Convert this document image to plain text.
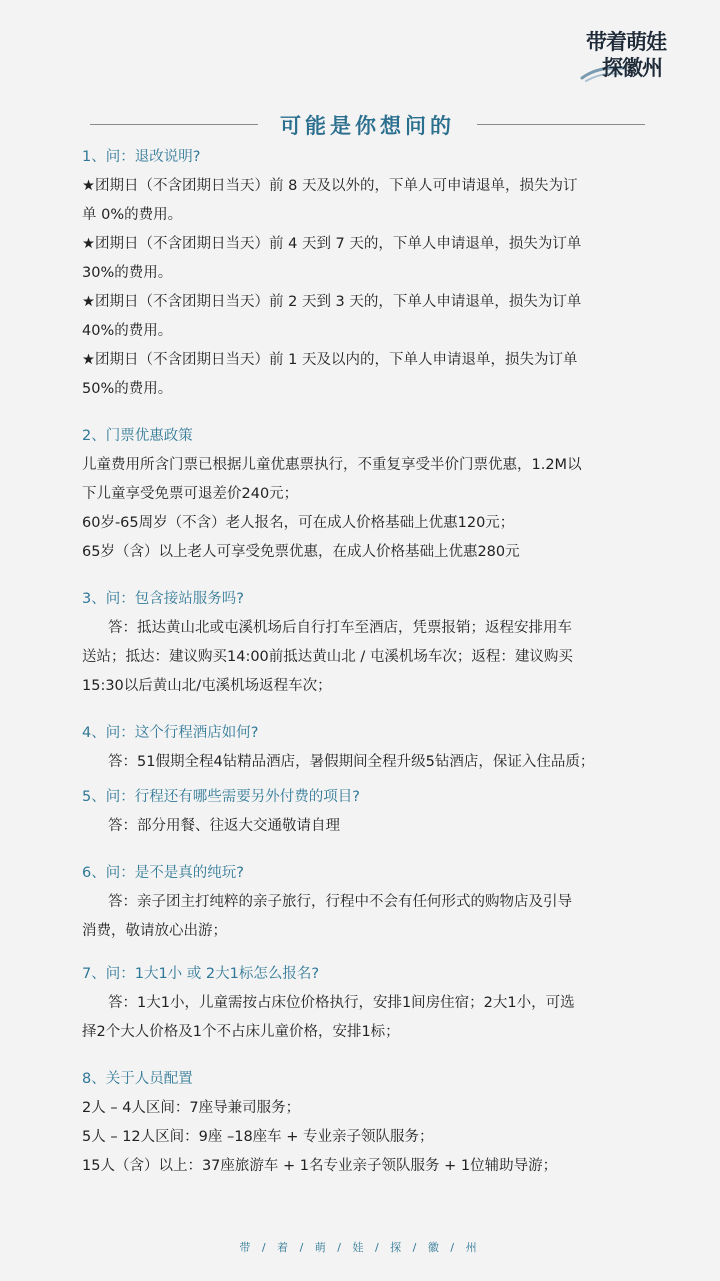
带着萌娃
探徽州
可能是你想问的

1、问：退改说明?

★团期日（不含团期日当天）前 8 天及以外的，下单人可申请退单，损失为订

单 0%的费用。

★团期日（不含团期日当天）前 4 天到 7 天的，下单人申请退单，损失为订单

30%的费用。

★团期日（不含团期日当天）前 2 天到 3 天的，下单人申请退单，损失为订单

40%的费用。

★团期日（不含团期日当天）前 1 天及以内的，下单人申请退单，损失为订单

50%的费用。

2、门票优惠政策

儿童费用所含门票已根据儿童优惠票执行，不重复享受半价门票优惠，1.2M以

下儿童享受免票可退差价240元；

60岁-65周岁（不含）老人报名，可在成人价格基础上优惠120元；

65岁（含）以上老人可享受免票优惠，在成人价格基础上优惠280元

3、问：包含接站服务吗?

答：抵达黄山北或屯溪机场后自行打车至酒店，凭票报销；返程安排用车

送站；抵达：建议购买14:00前抵达黄山北 / 屯溪机场车次；返程：建议购买

15:30以后黄山北/屯溪机场返程车次；

4、问：这个行程酒店如何?

答：51假期全程4钻精品酒店，暑假期间全程升级5钻酒店，保证入住品质；

5、问：行程还有哪些需要另外付费的项目?

答：部分用餐、往返大交通敬请自理

6、问：是不是真的纯玩?

答：亲子团主打纯粹的亲子旅行，行程中不会有任何形式的购物店及引导

消费，敬请放心出游；

7、问：1大1小 或 2大1标怎么报名?

答：1大1小，儿童需按占床位价格执行，安排1间房住宿；2大1小，可选

择2个大人价格及1个不占床儿童价格，安排1标；

8、关于人员配置

2人 – 4人区间：7座导兼司服务；

5人 – 12人区间：9座 –18座车 + 专业亲子领队服务；

15人（含）以上：37座旅游车 + 1名专业亲子领队服务 + 1位辅助导游；

带 / 着 / 萌 / 娃 / 探 / 徽 / 州
